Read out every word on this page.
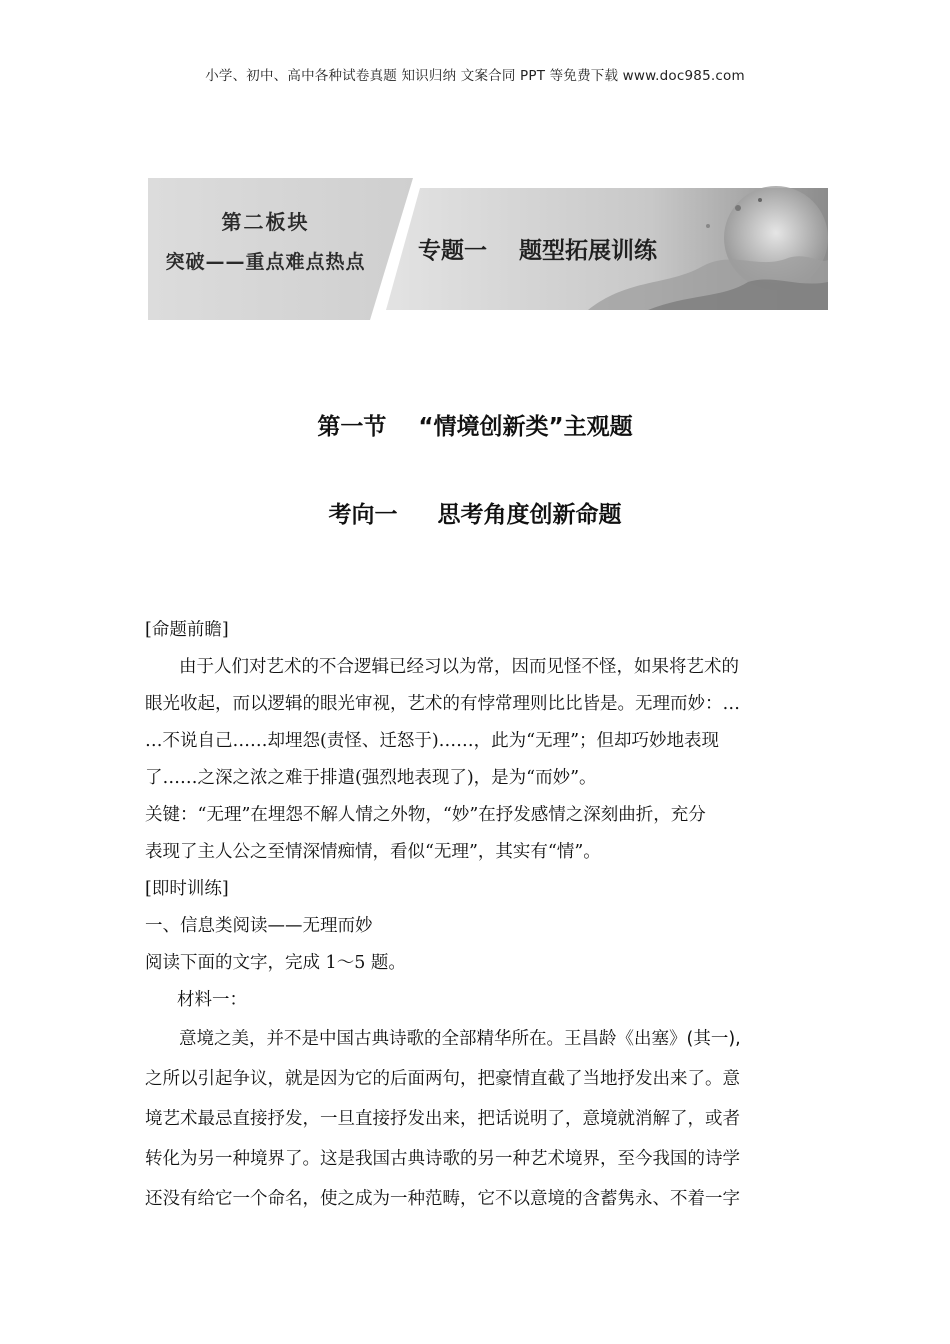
小学、初中、高中各种试卷真题 知识归纳 文案合同 PPT 等免费下载 www.doc985.com
第二板块
突破——重点难点热点	专题一    题型拓展训练
第一节    “情境创新类”主观题
考向一     思考角度创新命题
[命题前瞻]
由于人们对艺术的不合逻辑已经习以为常，因而见怪不怪，如果将艺术的
眼光收起，而以逻辑的眼光审视，艺术的有悖常理则比比皆是。无理而妙：…
…不说自己……却埋怨(责怪、迁怒于)……，此为“无理”；但却巧妙地表现
了……之深之浓之难于排遣(强烈地表现了)，是为“而妙”。
关键：“无理”在埋怨不解人情之外物，“妙”在抒发感情之深刻曲折，充分
表现了主人公之至情深情痴情，看似“无理”，其实有“情”。
[即时训练]
一、信息类阅读——无理而妙
阅读下面的文字，完成 1～5 题。
材料一：
意境之美，并不是中国古典诗歌的全部精华所在。王昌龄《出塞》(其一),
之所以引起争议，就是因为它的后面两句，把豪情直截了当地抒发出来了。意
境艺术最忌直接抒发，一旦直接抒发出来，把话说明了，意境就消解了，或者
转化为另一种境界了。这是我国古典诗歌的另一种艺术境界，至今我国的诗学
还没有给它一个命名，使之成为一种范畴，它不以意境的含蓄隽永、不着一字
